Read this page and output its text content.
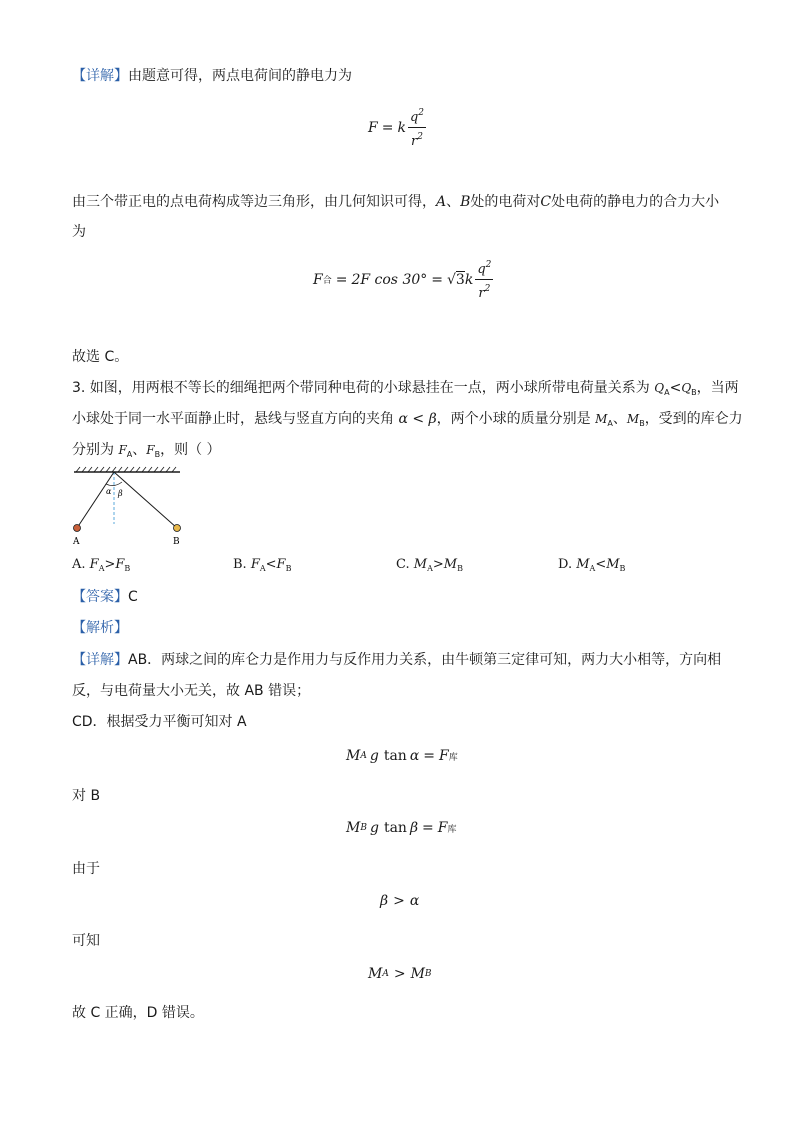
【详解】由题意可得，两点电荷间的静电力为
F = k $\frac{q^2}{r^2}$
由三个带正电的点电荷构成等边三角形，由几何知识可得，A、B处的电荷对C处电荷的静电力的合力大小
为
F 合 = 2F cos 30° = √ 3 k $\frac{q^2}{r^2}$
故选 C。
3. 如图，用两根不等长的细绳把两个带同种电荷的小球悬挂在一点，两小球所带电荷量关系为 $Q_A<Q_B$，当两
小球处于同一水平面静止时，悬线与竖直方向的夹角 α < β，两个小球的质量分别是 $M_A$、$M_B$，受到的库仑力
分别为 $F_A$、$F_B$，则（ ）
α β
A	B
A. $F_A>F_B$	B. $F_A<F_B$	C. $M_A>M_B$	D. $M_A<M_B$
【答案】C
【解析】
【详解】AB．两球之间的库仑力是作用力与反作用力关系，由牛顿第三定律可知，两力大小相等，方向相
反，与电荷量大小无关，故 AB 错误；
CD．根据受力平衡可知对 A
M A g tan α = F 库
对 B
M B g tan β = F 库
由于
β > α
可知
M A > M B
故 C 正确，D 错误。
